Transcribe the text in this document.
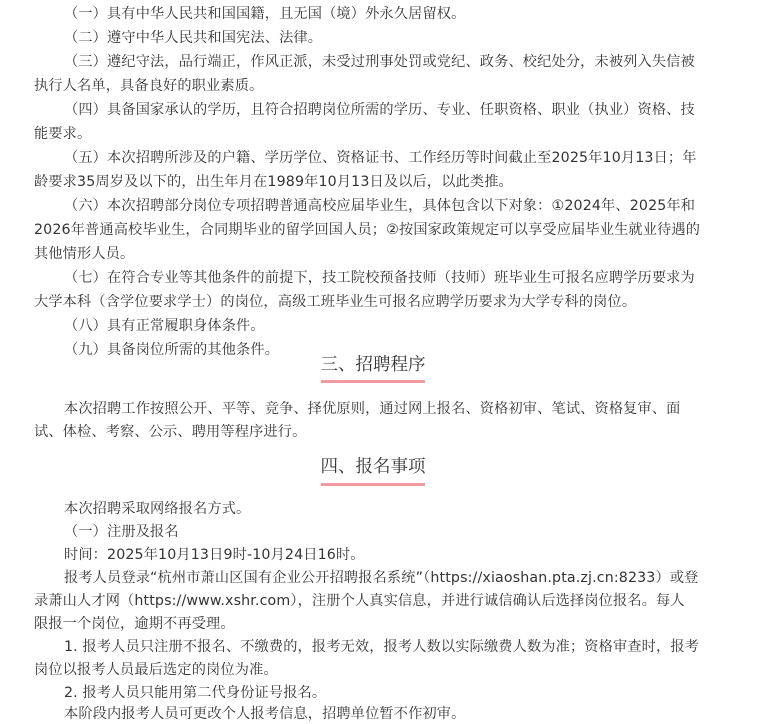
（一）具有中华人民共和国国籍，且无国（境）外永久居留权。
（二）遵守中华人民共和国宪法、法律。
（三）遵纪守法，品行端正，作风正派，未受过刑事处罚或党纪、政务、校纪处分，未被列入失信被
执行人名单，具备良好的职业素质。
（四）具备国家承认的学历，且符合招聘岗位所需的学历、专业、任职资格、职业（执业）资格、技
能要求。
（五）本次招聘所涉及的户籍、学历学位、资格证书、工作经历等时间截止至2025年10月13日；年
龄要求35周岁及以下的，出生年月在1989年10月13日及以后，以此类推。
（六）本次招聘部分岗位专项招聘普通高校应届毕业生，具体包含以下对象：①2024年、2025年和
2026年普通高校毕业生，合同期毕业的留学回国人员；②按国家政策规定可以享受应届毕业生就业待遇的
其他情形人员。
（七）在符合专业等其他条件的前提下，技工院校预备技师（技师）班毕业生可报名应聘学历要求为
大学本科（含学位要求学士）的岗位，高级工班毕业生可报名应聘学历要求为大学专科的岗位。
（八）具有正常履职身体条件。
（九）具备岗位所需的其他条件。
三、招聘程序
本次招聘工作按照公开、平等、竞争、择优原则，通过网上报名、资格初审、笔试、资格复审、面
试、体检、考察、公示、聘用等程序进行。
四、报名事项
本次招聘采取网络报名方式。
（一）注册及报名
时间：2025年10月13日9时-10月24日16时。
报考人员登录“杭州市萧山区国有企业公开招聘报名系统”（https://xiaoshan.pta.zj.cn:8233）或登
录萧山人才网（https://www.xshr.com），注册个人真实信息，并进行诚信确认后选择岗位报名。每人
限报一个岗位，逾期不再受理。
1. 报考人员只注册不报名、不缴费的，报考无效，报考人数以实际缴费人数为准；资格审查时，报考
岗位以报考人员最后选定的岗位为准。
2. 报考人员只能用第二代身份证号报名。
本阶段内报考人员可更改个人报考信息，招聘单位暂不作初审。
